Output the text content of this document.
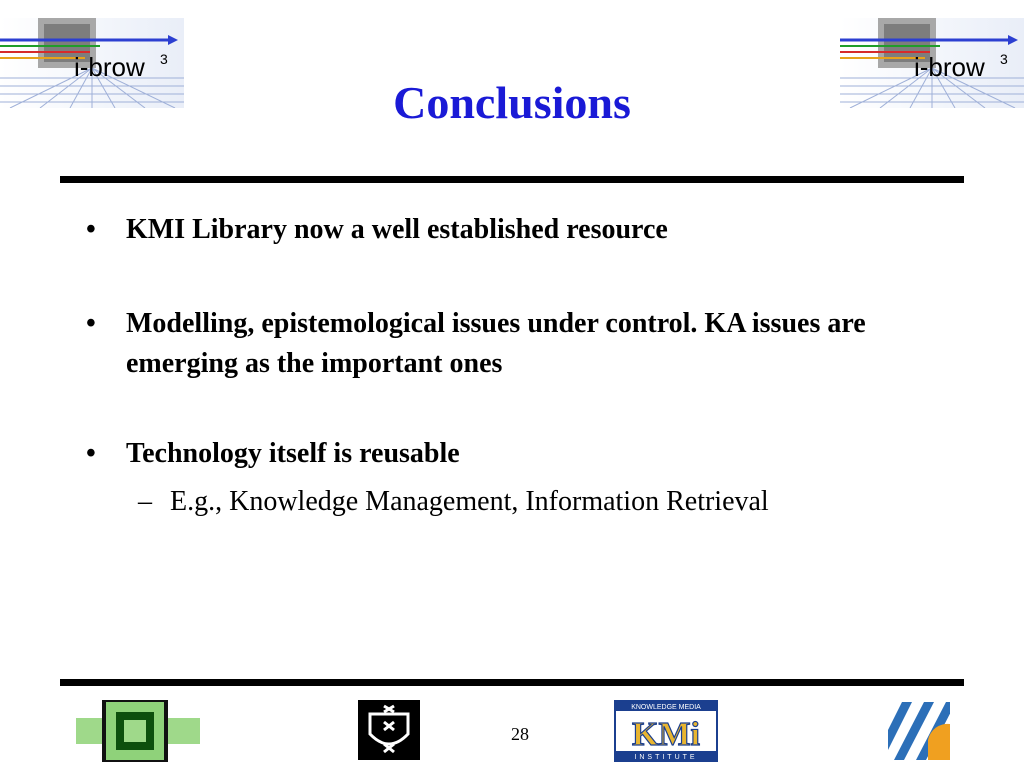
i-brow 3	i-brow 3
Conclusions
• KMI Library now a well established resource
• Modelling, epistemological issues under control. KA issues are emerging as the important ones
• Technology itself is reusable
– E.g., Knowledge Management, Information Retrieval
28
KNOWLEDGE MEDIA
KMi
INSTITUTE
